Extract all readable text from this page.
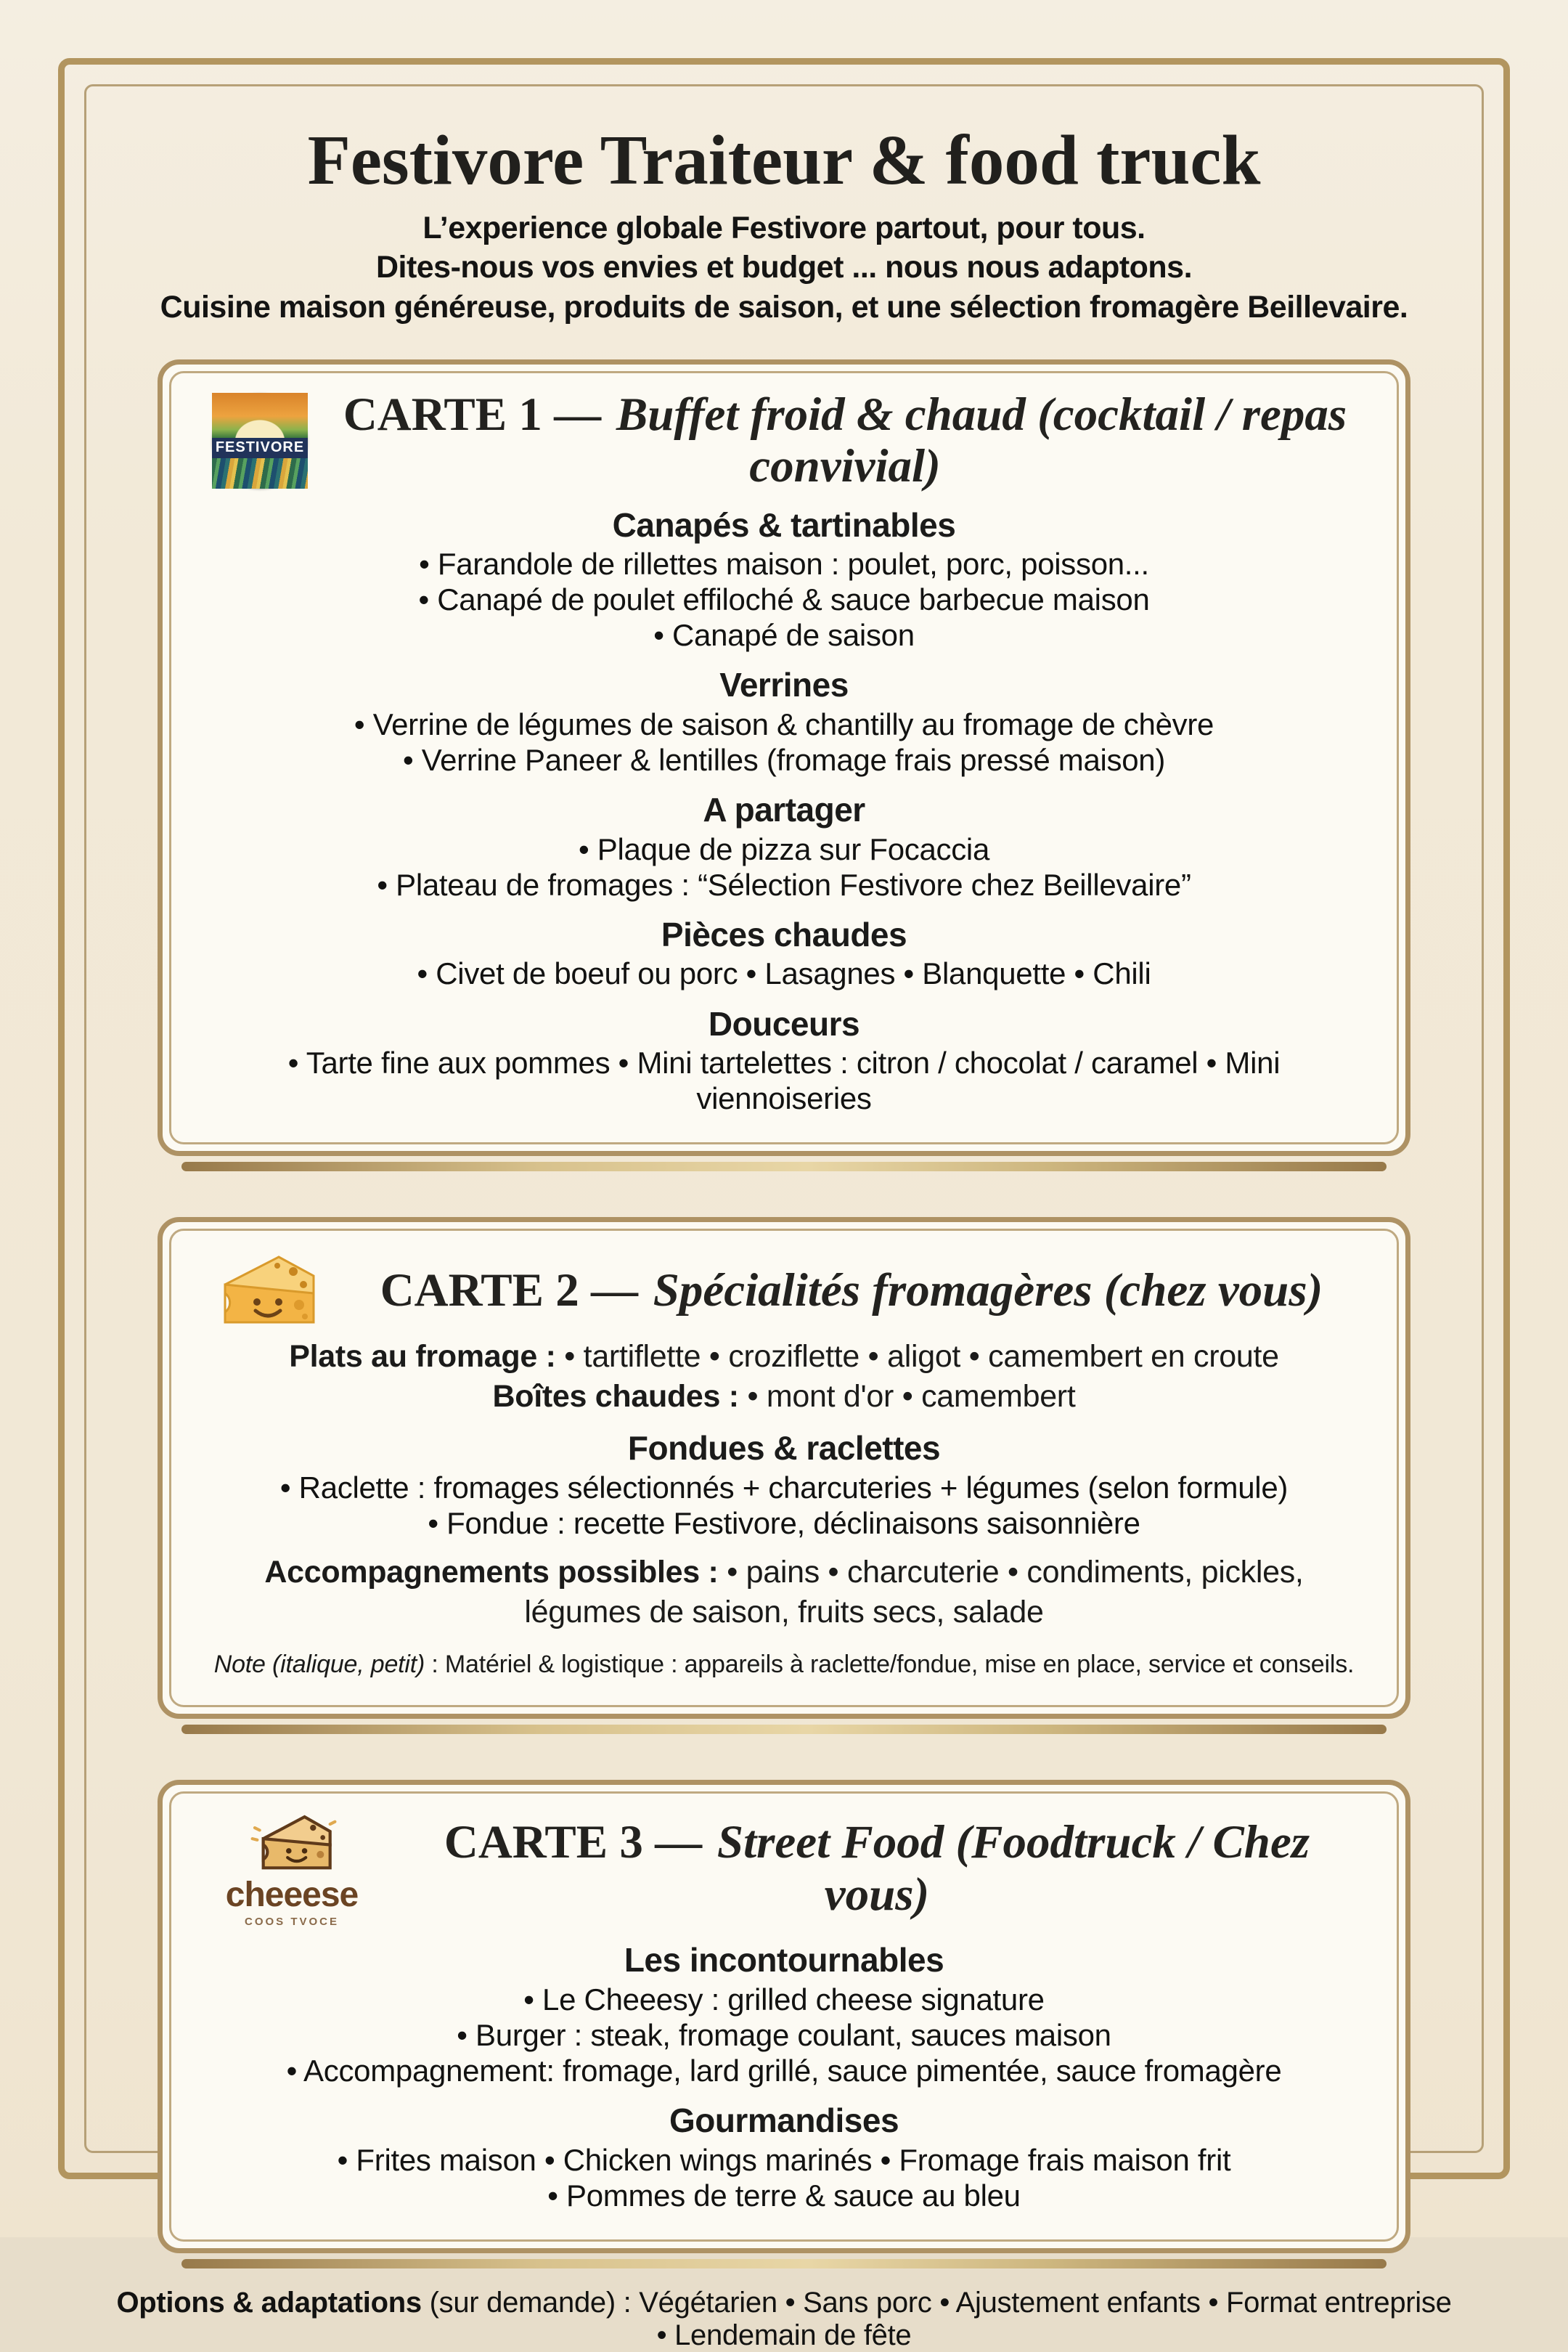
Festivore Traiteur & food truck
L’experience globale Festivore partout, pour tous.
Dites-nous vos envies et budget ... nous nous adaptons.
Cuisine maison généreuse, produits de saison, et une sélection fromagère Beillevaire.
FESTIVORE
CARTE 1 — Buffet froid & chaud (cocktail / repas convivial)
Canapés & tartinables
• Farandole de rillettes maison : poulet, porc, poisson...
• Canapé de poulet effiloché & sauce barbecue maison
• Canapé de saison
Verrines
• Verrine de légumes de saison & chantilly au fromage de chèvre
• Verrine Paneer & lentilles (fromage frais pressé maison)
A partager
• Plaque de pizza sur Focaccia
• Plateau de fromages : “Sélection Festivore chez Beillevaire”
Pièces chaudes
• Civet de boeuf ou porc • Lasagnes • Blanquette • Chili
Douceurs
• Tarte fine aux pommes • Mini tartelettes : citron / chocolat / caramel • Mini viennoiseries
CARTE 2 — Spécialités fromagères (chez vous)
Plats au fromage : • tartiflette • croziflette • aligot • camembert en croute
Boîtes chaudes : • mont d'or • camembert
Fondues & raclettes
• Raclette : fromages sélectionnés + charcuteries + légumes (selon formule)
• Fondue : recette Festivore, déclinaisons saisonnière
Accompagnements possibles : • pains • charcuterie • condiments, pickles, légumes de saison, fruits secs, salade
Note (italique, petit) : Matériel & logistique : appareils à raclette/fondue, mise en place, service et conseils.
cheeese
COOS TVOCE
CARTE 3 — Street Food (Foodtruck / Chez vous)
Les incontournables
• Le Cheeesy : grilled cheese signature
• Burger : steak, fromage coulant, sauces maison
• Accompagnement: fromage, lard grillé, sauce pimentée, sauce fromagère
Gourmandises
• Frites maison • Chicken wings marinés • Fromage frais maison frit
• Pommes de terre & sauce au bleu
Options & adaptations (sur demande) : Végétarien • Sans porc • Ajustement enfants • Format entreprise • Lendemain de fête
